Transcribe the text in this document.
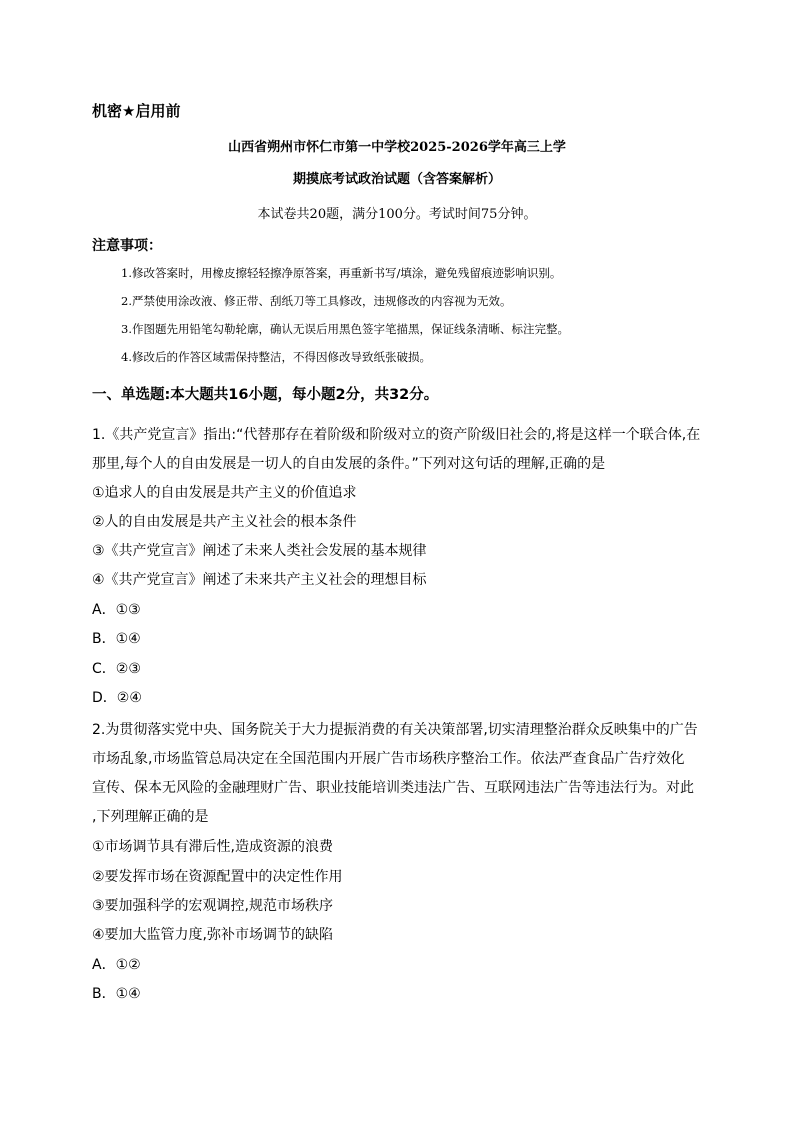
机密★启用前
山西省朔州市怀仁市第一中学校2025-2026学年高三上学
期摸底考试政治试题（含答案解析）
本试卷共20题，满分100分。考试时间75分钟。
注意事项：
1.修改答案时，用橡皮擦轻轻擦净原答案，再重新书写/填涂，避免残留痕迹影响识别。
2.严禁使用涂改液、修正带、刮纸刀等工具修改，违规修改的内容视为无效。
3.作图题先用铅笔勾勒轮廓，确认无误后用黑色签字笔描黑，保证线条清晰、标注完整。
4.修改后的作答区域需保持整洁，不得因修改导致纸张破损。
一、单选题:本大题共16小题，每小题2分，共32分。
1.《共产党宣言》指出:“代替那存在着阶级和阶级对立的资产阶级旧社会的,将是这样一个联合体,在
那里,每个人的自由发展是一切人的自由发展的条件。”下列对这句话的理解,正确的是
①追求人的自由发展是共产主义的价值追求
②人的自由发展是共产主义社会的根本条件
③《共产党宣言》阐述了未来人类社会发展的基本规律
④《共产党宣言》阐述了未来共产主义社会的理想目标
A．①③
B．①④
C．②③
D．②④
2.为贯彻落实党中央、国务院关于大力提振消费的有关决策部署,切实清理整治群众反映集中的广告
市场乱象,市场监管总局决定在全国范围内开展广告市场秩序整治工作。依法严查食品广告疗效化
宣传、保本无风险的金融理财广告、职业技能培训类违法广告、互联网违法广告等违法行为。对此
,下列理解正确的是
①市场调节具有滞后性,造成资源的浪费
②要发挥市场在资源配置中的决定性作用
③要加强科学的宏观调控,规范市场秩序
④要加大监管力度,弥补市场调节的缺陷
A．①②
B．①④
